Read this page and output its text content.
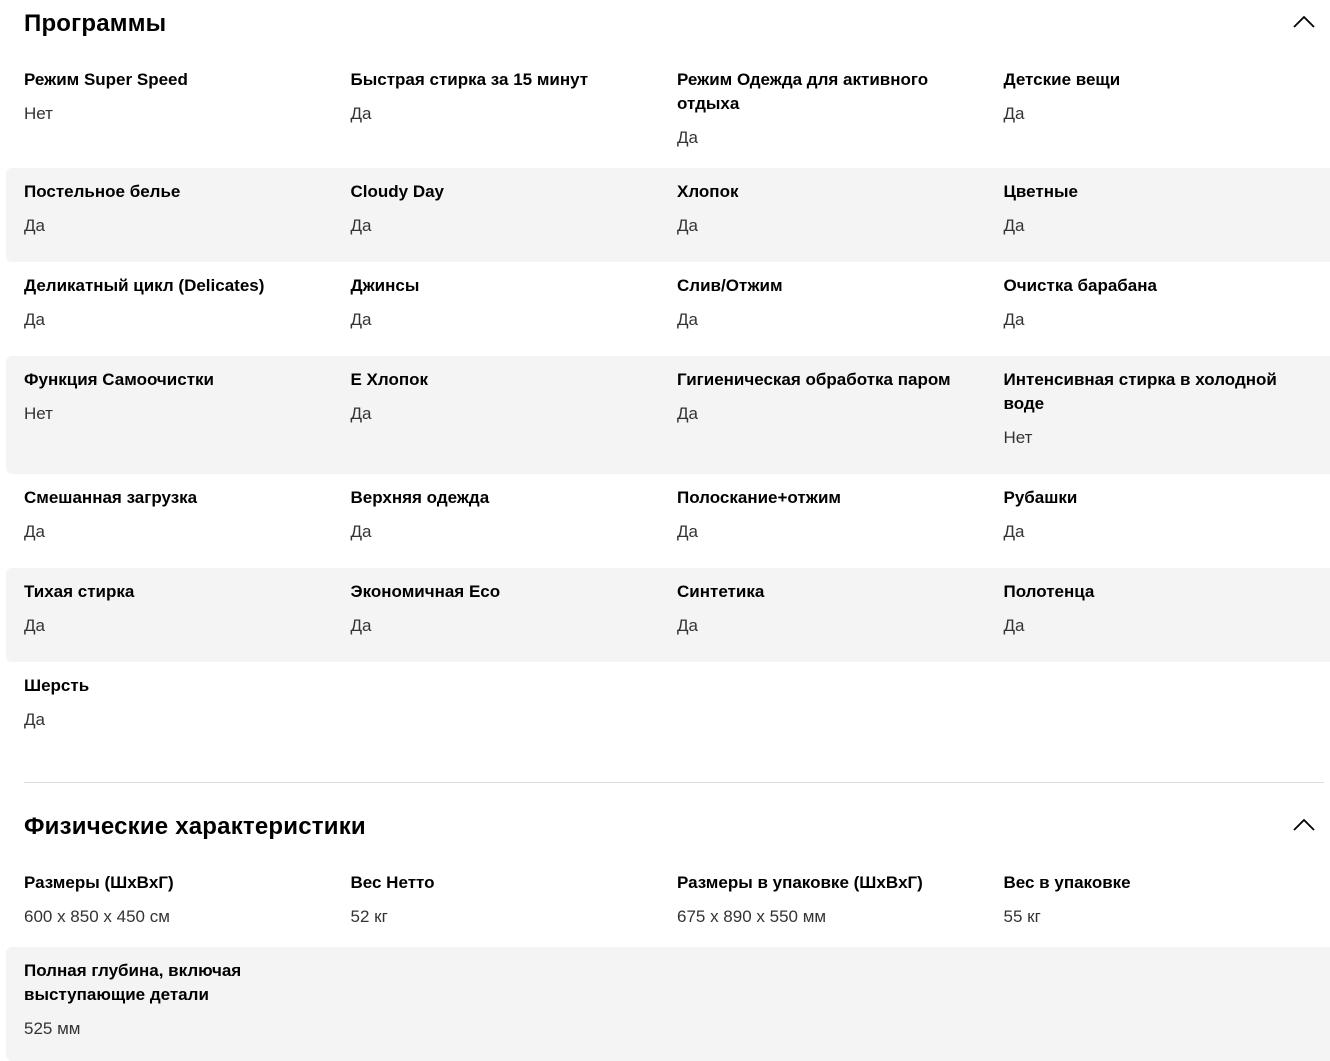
Программы
Режим Super Speed
Нет
Быстрая стирка за 15 минут
Да
Режим Одежда для активного отдыха
Да
Детские вещи
Да
Постельное белье
Да
Cloudy Day
Да
Хлопок
Да
Цветные
Да
Деликатный цикл (Delicates)
Да
Джинсы
Да
Слив/Отжим
Да
Очистка барабана
Да
Функция Самоочистки
Нет
E Хлопок
Да
Гигиеническая обработка паром
Да
Интенсивная стирка в холодной воде
Нет
Смешанная загрузка
Да
Верхняя одежда
Да
Полоскание+отжим
Да
Рубашки
Да
Тихая стирка
Да
Экономичная Eco
Да
Синтетика
Да
Полотенца
Да
Шерсть
Да
Физические характеристики
Размеры (ШxВxГ)
600 x 850 x 450 см
Вес Нетто
52 кг
Размеры в упаковке (ШxВxГ)
675 x 890 x 550 мм
Вес в упаковке
55 кг
Полная глубина, включая выступающие детали
525 мм
